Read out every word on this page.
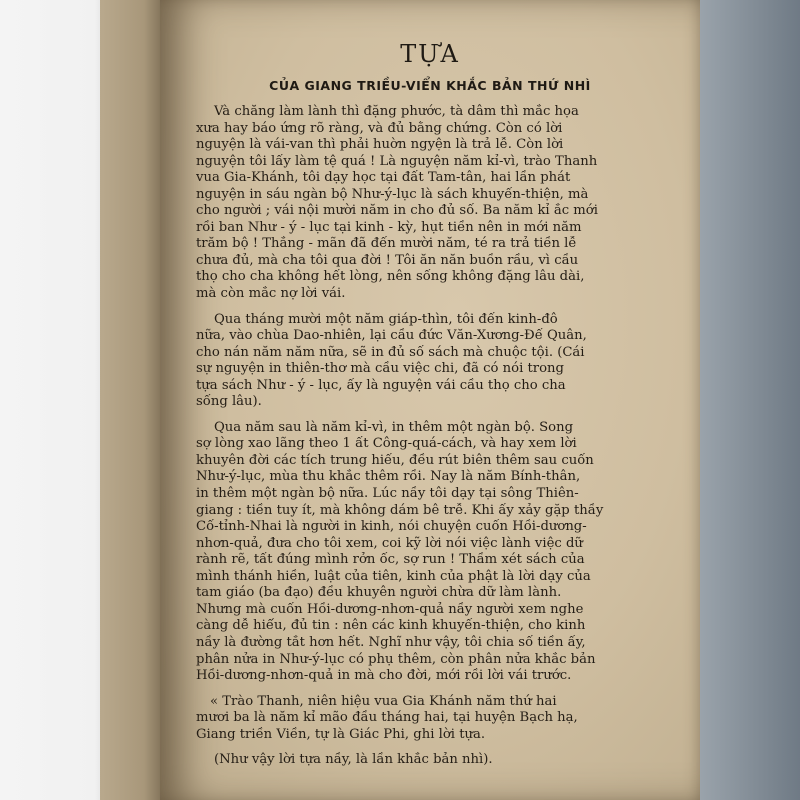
TỰA
CỦA GIANG TRIỀU-VIỂN KHẮC BẢN THỨ NHÌ

Và chăng làm lành thì đặng phước, tà dâm thì mắc họa
xưa hay báo ứng rõ ràng, và đủ bằng chứng. Còn có lời
nguyện là vái-van thì phải huờn ngyện là trả lễ. Còn lời
nguyện tôi lấy làm tệ quá ! Là nguyện năm kỉ-vì, trào Thanh
vua Gia-Khánh, tôi dạy học tại đất Tam-tân, hai lần phát
nguyện in sáu ngàn bộ Như-ý-lục là sách khuyến-thiện, mà
cho người ; vái nội mười năm in cho đủ số. Ba năm kỉ ắc mới
rồi ban Như - ý - lục tại kinh - kỳ, hụt tiền nên in mới năm
trăm bộ ! Thắng - mãn đã đến mười năm, té ra trả tiền lễ
chưa đủ, mà cha tôi qua đời ! Tôi ăn năn buồn rầu, vì cầu
thọ cho cha không hết lòng, nên sống không đặng lâu dài,
mà còn mắc nợ lời vái.

Qua tháng mười một năm giáp-thìn, tôi đến kinh-đô
nữa, vào chùa Dao-nhiên, lại cầu đức Văn-Xương-Đế Quân,
cho nán năm năm nữa, sẽ in đủ số sách mà chuộc tội. (Cái
sự nguyện in thiên-thơ mà cầu việc chi, đã có nói trong
tựa sách Như - ý - lục, ấy là nguyện vái cầu thọ cho cha
sống lâu).

Qua năm sau là năm kỉ-vì, in thêm một ngàn bộ. Song
sợ lòng xao lãng theo 1 ất Công-quá-cách, và hay xem lời
khuyên đời các tích trung hiếu, đều rút biên thêm sau cuốn
Như-ý-lục, mùa thu khắc thêm rồi. Nay là năm Bính-thân,
in thêm một ngàn bộ nữa. Lúc nầy tôi dạy tại sông Thiên-
giang : tiền tuy ít, mà không dám bê trễ. Khi ấy xảy gặp thầy
Cố-tỉnh-Nhai là người in kinh, nói chuyện cuốn Hồi-dương-
nhơn-quả, đưa cho tôi xem, coi kỹ lời nói việc lành việc dữ
rành rẽ, tất đúng mình rởn ốc, sợ run ! Thầm xét sách của
mình thánh hiền, luật của tiên, kinh của phật là lời dạy của
tam giáo (ba đạo) đều khuyên người chừa dữ làm lành.
Nhưng mà cuốn Hồi-dương-nhơn-quả nầy người xem nghe
càng dễ hiểu, đủ tin : nên các kinh khuyến-thiện, cho kinh
nầy là đường tắt hơn hết. Nghĩ như vậy, tôi chia số tiền ấy,
phân nửa in Như-ý-lục có phụ thêm, còn phân nửa khắc bản
Hồi-dương-nhơn-quả in mà cho đời, mới rồi lời vái trước.

« Trào Thanh, niên hiệu vua Gia Khánh năm thứ hai
mươi ba là năm kỉ mão đầu tháng hai, tại huyện Bạch hạ,
Giang triền Viền, tự là Giác Phi, ghi lời tựa.

(Như vậy lời tựa nầy, là lần khắc bản nhì).
